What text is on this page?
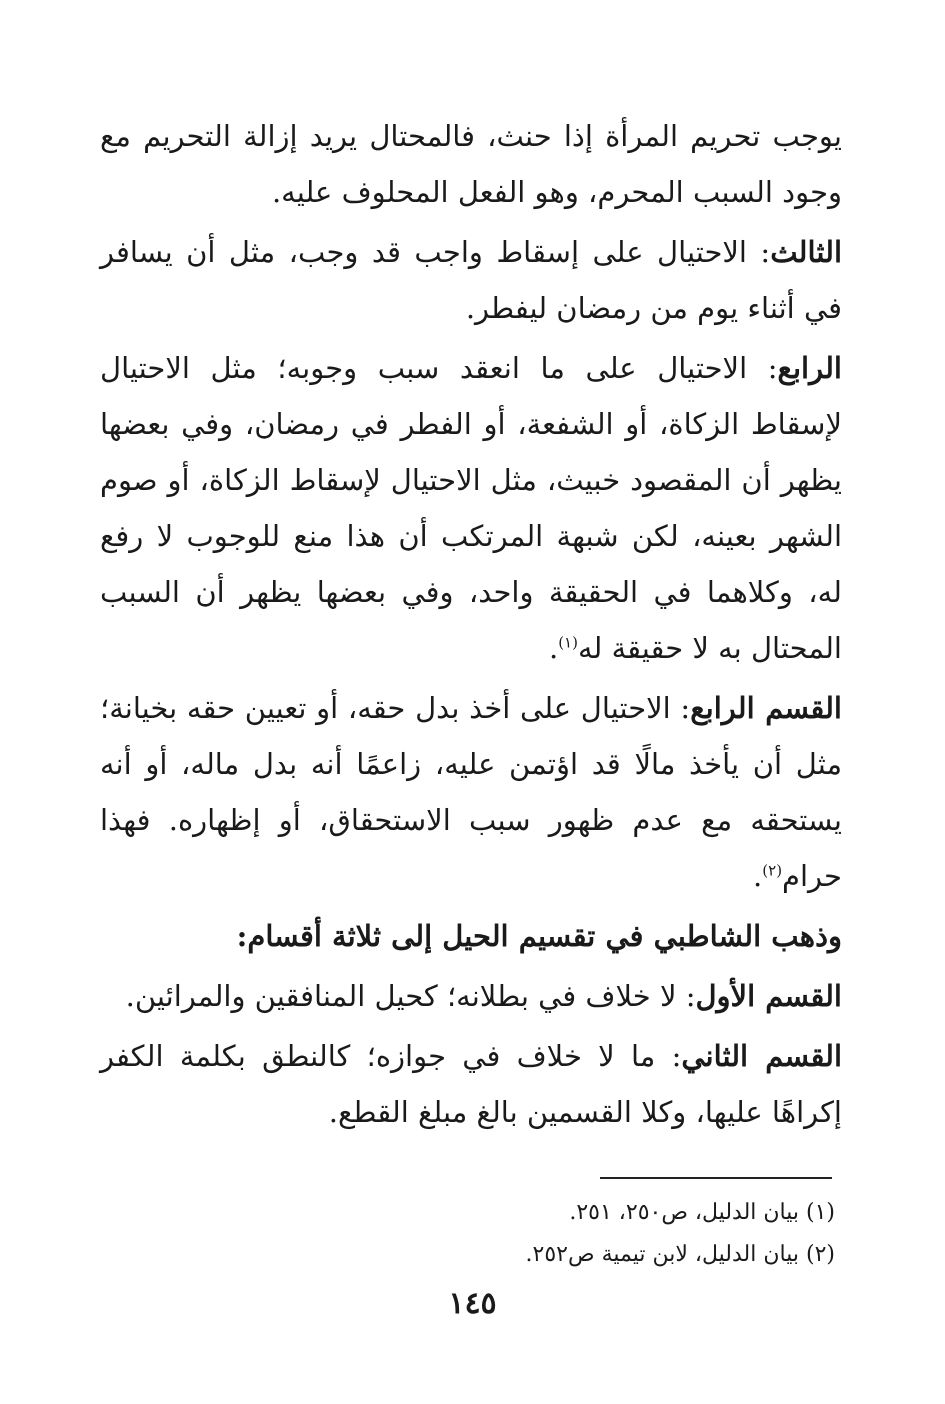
يوجب تحريم المرأة إذا حنث، فالمحتال يريد إزالة التحريم مع وجود السبب المحرم، وهو الفعل المحلوف عليه.

الثالث: الاحتيال على إسقاط واجب قد وجب، مثل أن يسافر في أثناء يوم من رمضان ليفطر.

الرابع: الاحتيال على ما انعقد سبب وجوبه؛ مثل الاحتيال لإسقاط الزكاة، أو الشفعة، أو الفطر في رمضان، وفي بعضها يظهر أن المقصود خبيث، مثل الاحتيال لإسقاط الزكاة، أو صوم الشهر بعينه، لكن شبهة المرتكب أن هذا منع للوجوب لا رفع له، وكلاهما في الحقيقة واحد، وفي بعضها يظهر أن السبب المحتال به لا حقيقة له$^{(١)}$.

القسم الرابع: الاحتيال على أخذ بدل حقه، أو تعيين حقه بخيانة؛ مثل أن يأخذ مالًا قد اؤتمن عليه، زاعمًا أنه بدل ماله، أو أنه يستحقه مع عدم ظهور سبب الاستحقاق، أو إظهاره. فهذا حرام$^{(٢)}$.

وذهب الشاطبي في تقسيم الحيل إلى ثلاثة أقسام:

القسم الأول: لا خلاف في بطلانه؛ كحيل المنافقين والمرائين.

القسم الثاني: ما لا خلاف في جوازه؛ كالنطق بكلمة الكفر إكراهًا عليها، وكلا القسمين بالغ مبلغ القطع.

(١) بيان الدليل، ص٢٥٠، ٢٥١.
(٢) بيان الدليل، لابن تيمية ص٢٥٢.
١٤٥
